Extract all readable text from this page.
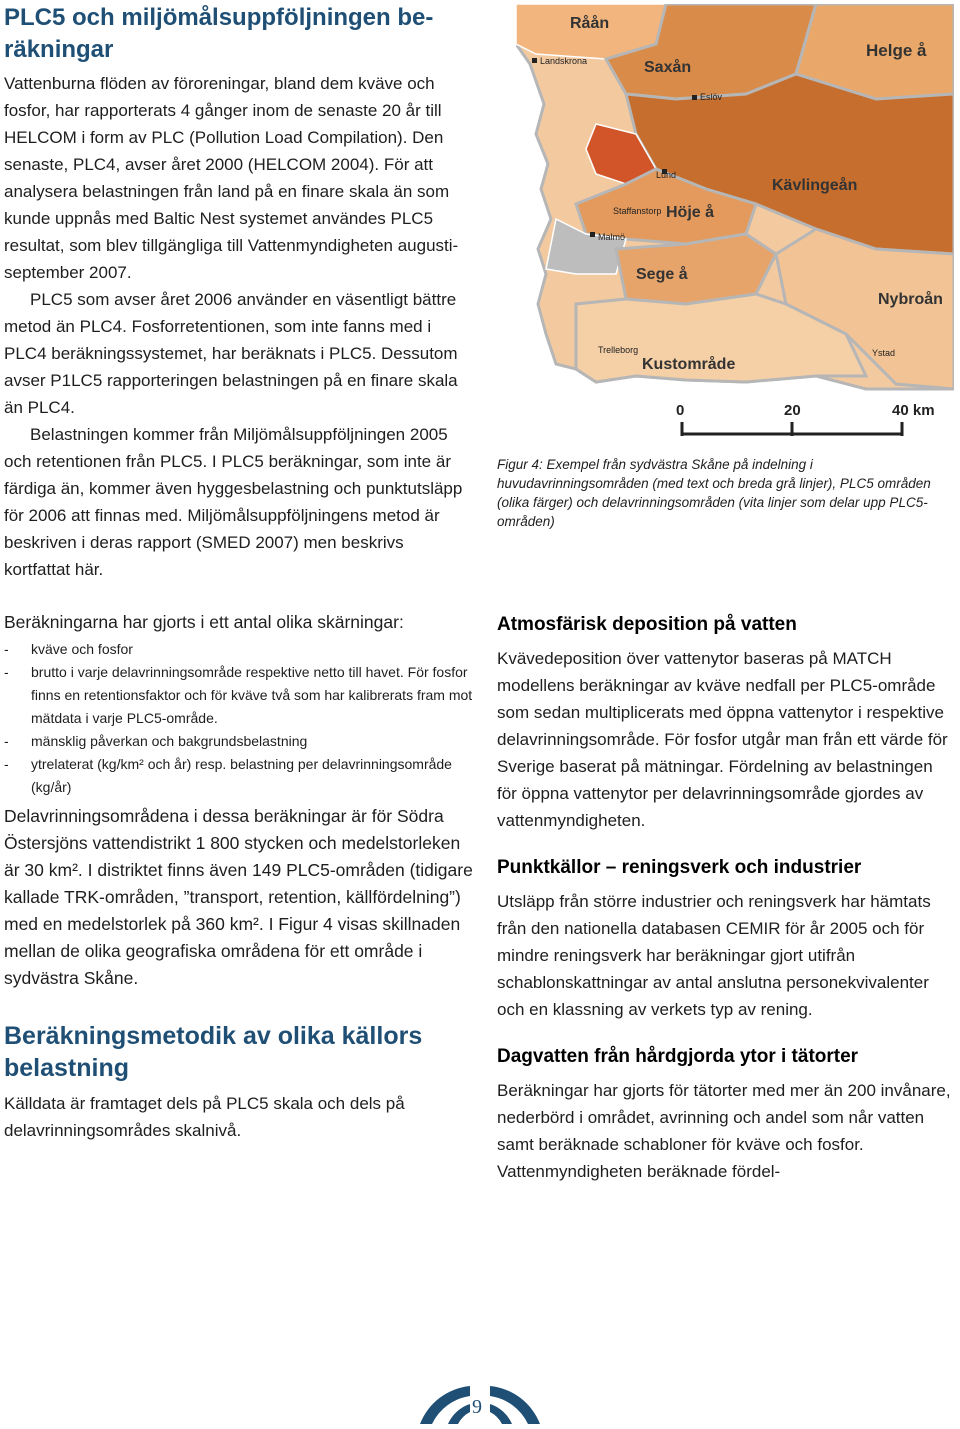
PLC5 och miljömålsuppföljningen be-
räkningar

Vattenburna flöden av föroreningar, bland dem kväve och fosfor, har rapporterats 4 gånger inom de senaste 20 år till HELCOM i form av PLC (Pollution Load Compilation). Den senaste, PLC4, avser året 2000 (HELCOM 2004). För att analysera belastningen från land på en finare skala än som kunde uppnås med Baltic Nest systemet användes PLC5 resultat, som blev tillgängliga till Vattenmyndigheten augusti-september 2007.

PLC5 som avser året 2006 använder en väsentligt bättre metod än PLC4. Fosforretentionen, som inte fanns med i PLC4 beräkningssystemet, har beräknats i PLC5. Dessutom avser P1LC5 rapporteringen belastningen på en finare skala än PLC4.

Belastningen kommer från Miljömålsuppföljningen 2005 och retentionen från PLC5. I PLC5 beräkningar, som inte är färdiga än, kommer även hyggesbelastning och punktutsläpp för 2006 att finnas med. Miljömålsuppföljningens metod är beskriven i deras rapport (SMED 2007) men beskrivs kortfattat här.

Råån
Saxån
Helge å
Kävlingeån
Höje å
Sege å
Nybroån
Kustområde
Landskrona
Eslöv
Lund
Staffanstorp
Malmö
Trelleborg	Ystad
0	20	40 km

Figur 4: Exempel från sydvästra Skåne på indelning i huvudavrinningsområden (med text och breda grå linjer), PLC5 områden (olika färger) och delavrinningsområden (vita linjer som delar upp PLC5-områden)

Beräkningarna har gjorts i ett antal olika skärningar:

- kväve och fosfor
- brutto i varje delavrinningsområde respektive netto till havet. För fosfor finns en retentionsfaktor och för kväve två som har kalibrerats fram mot mätdata i varje PLC5-område.
- mänsklig påverkan och bakgrundsbelastning
- ytrelaterat (kg/km² och år) resp. belastning per delavrinningsområde (kg/år)

Delavrinningsområdena i dessa beräkningar är för Södra Östersjöns vattendistrikt 1 800 stycken och medelstorleken är 30 km². I distriktet finns även 149 PLC5-områden (tidigare kallade TRK-områden, ”transport, retention, källfördelning”) med en medelstorlek på 360 km². I Figur 4 visas skillnaden mellan de olika geografiska områdena för ett område i sydvästra Skåne.

Beräkningsmetodik av olika källors belastning

Källdata är framtaget dels på PLC5 skala och dels på delavrinningsområdes skalnivå.

Atmosfärisk deposition på vatten

Kvävedeposition över vattenytor baseras på MATCH modellens beräkningar av kväve nedfall per PLC5-område som sedan multiplicerats med öppna vattenytor i respektive delavrinningsområde. För fosfor utgår man från ett värde för Sverige baserat på mätningar. Fördelning av belastningen för öppna vattenytor per delavrinningsområde gjordes av vattenmyndigheten.

Punktkällor – reningsverk och industrier

Utsläpp från större industrier och reningsverk har hämtats från den nationella databasen CEMIR för år 2005 och för mindre reningsverk har beräkningar gjort utifrån schablonskattningar av antal anslutna personekvivalenter och en klassning av verkets typ av rening.

Dagvatten från hårdgjorda ytor i tätorter

Beräkningar har gjorts för tätorter med mer än 200 invånare, nederbörd i området, avrinning och andel som når vatten samt beräknade schabloner för kväve och fosfor. Vattenmyndigheten beräknade fördel-

9
